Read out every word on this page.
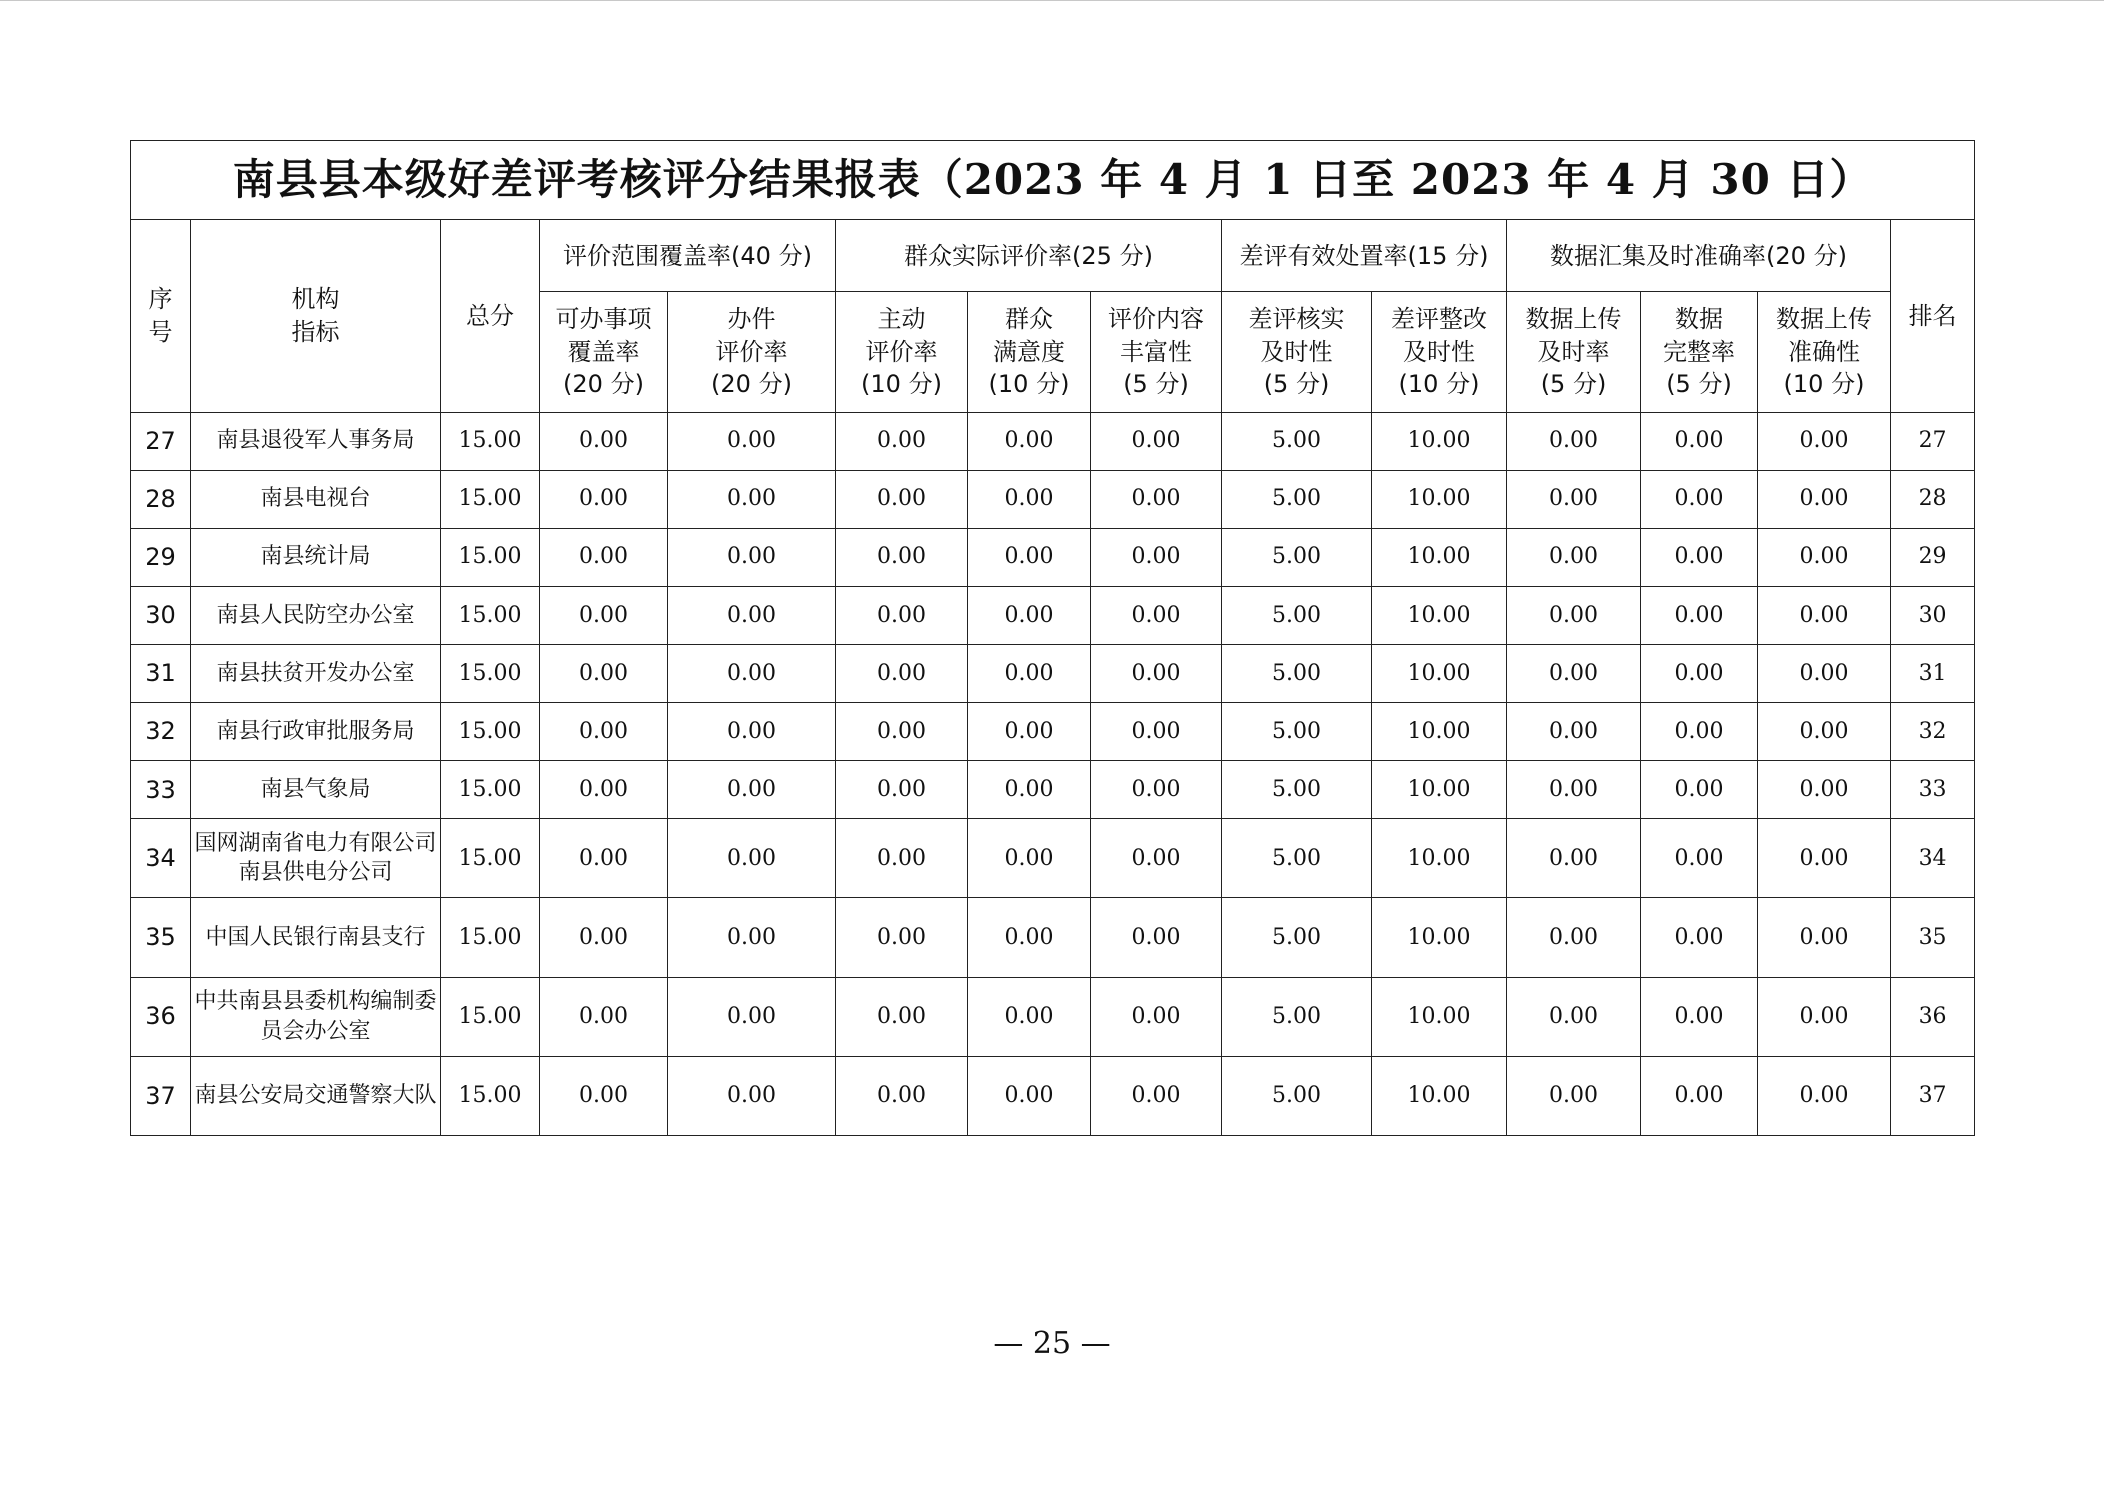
南县县本级好差评考核评分结果报表（2023 年 4 月 1 日至 2023 年 4 月 30 日）													
序
号	机构
指标	总分	评价范围覆盖率(40 分)		群众实际评价率(25 分)			差评有效处置率(15 分)		数据汇集及时准确率(20 分)			排名
			可办事项
覆盖率
(20 分)	办件
评价率
(20 分)	主动
评价率
(10 分)	群众
满意度
(10 分)	评价内容
丰富性
(5 分)	差评核实
及时性
(5 分)	差评整改
及时性
(10 分)	数据上传
及时率
(5 分)	数据
完整率
(5 分)	数据上传
准确性
(10 分)	
27	南县退役军人事务局	15.00	0.00	0.00	0.00	0.00	0.00	5.00	10.00	0.00	0.00	0.00	27
28	南县电视台	15.00	0.00	0.00	0.00	0.00	0.00	5.00	10.00	0.00	0.00	0.00	28
29	南县统计局	15.00	0.00	0.00	0.00	0.00	0.00	5.00	10.00	0.00	0.00	0.00	29
30	南县人民防空办公室	15.00	0.00	0.00	0.00	0.00	0.00	5.00	10.00	0.00	0.00	0.00	30
31	南县扶贫开发办公室	15.00	0.00	0.00	0.00	0.00	0.00	5.00	10.00	0.00	0.00	0.00	31
32	南县行政审批服务局	15.00	0.00	0.00	0.00	0.00	0.00	5.00	10.00	0.00	0.00	0.00	32
33	南县气象局	15.00	0.00	0.00	0.00	0.00	0.00	5.00	10.00	0.00	0.00	0.00	33
34	国网湖南省电力有限公司南县供电分公司	15.00	0.00	0.00	0.00	0.00	0.00	5.00	10.00	0.00	0.00	0.00	34
35	中国人民银行南县支行	15.00	0.00	0.00	0.00	0.00	0.00	5.00	10.00	0.00	0.00	0.00	35
36	中共南县县委机构编制委员会办公室	15.00	0.00	0.00	0.00	0.00	0.00	5.00	10.00	0.00	0.00	0.00	36
37	南县公安局交通警察大队	15.00	0.00	0.00	0.00	0.00	0.00	5.00	10.00	0.00	0.00	0.00	37
— 25 —
